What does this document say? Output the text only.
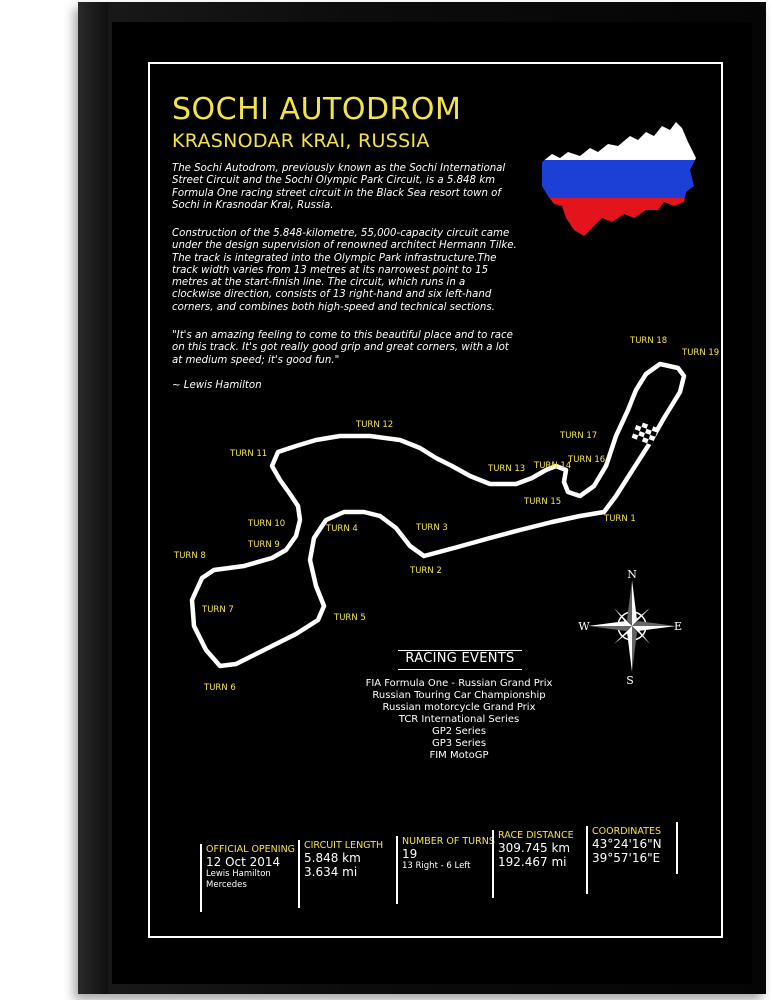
SOCHI AUTODROM
KRASNODAR KRAI, RUSSIA

The Sochi Autodrom, previously known as the Sochi International Street Circuit and the Sochi Olympic Park Circuit, is a 5.848 km Formula One racing street circuit in the Black Sea resort town of Sochi in Krasnodar Krai, Russia.

Construction of the 5.848-kilometre, 55,000-capacity circuit came under the design supervision of renowned architect Hermann Tilke. The track is integrated into the Olympic Park infrastructure.The track width varies from 13 metres at its narrowest point to 15 metres at the start-finish line. The circuit, which runs in a clockwise direction, consists of 13 right-hand and six left-hand corners, and combines both high-speed and technical sections.

"It's an amazing feeling to come to this beautiful place and to race on this track. It's got really good grip and great corners, with a lot at medium speed; it's good fun."

~ Lewis Hamilton

TURN 1
TURN 2
TURN 3
TURN 4
TURN 5
TURN 6
TURN 7
TURN 8
TURN 9
TURN 10
TURN 11
TURN 12
TURN 13 TURN 14
TURN 15
TURN 16
TURN 17
TURN 18
TURN 19
N
E
S
W
RACING EVENTS
FIA Formula One - Russian Grand Prix
Russian Touring Car Championship
Russian motorcycle Grand Prix
TCR International Series
GP2 Series
GP3 Series
FIM MotoGP
OFFICIAL OPENING
12 Oct 2014
Lewis Hamilton
Mercedes
CIRCUIT LENGTH
5.848 km
3.634 mi
NUMBER OF TURNS
19
13 Right - 6 Left
RACE DISTANCE
309.745 km
192.467 mi
COORDINATES
43°24'16"N
39°57'16"E
